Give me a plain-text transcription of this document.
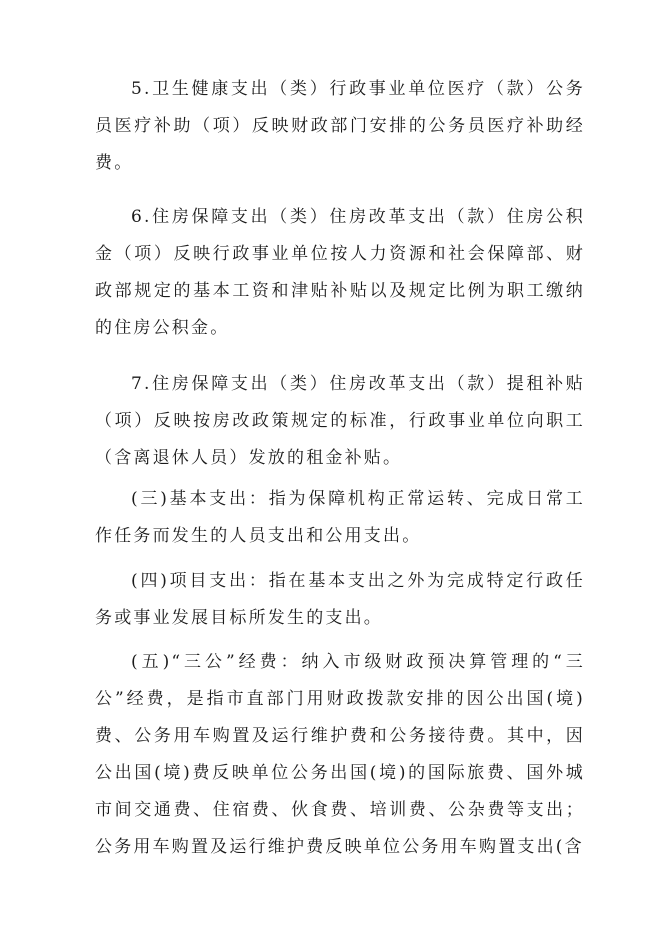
5.卫生健康支出（类）行政事业单位医疗（款）公务员医疗补助（项）反映财政部门安排的公务员医疗补助经费。

6.住房保障支出（类）住房改革支出（款）住房公积金（项）反映行政事业单位按人力资源和社会保障部、财政部规定的基本工资和津贴补贴以及规定比例为职工缴纳的住房公积金。

7.住房保障支出（类）住房改革支出（款）提租补贴（项）反映按房改政策规定的标准，行政事业单位向职工（含离退休人员）发放的租金补贴。

(三)基本支出：指为保障机构正常运转、完成日常工作任务而发生的人员支出和公用支出。

(四)项目支出：指在基本支出之外为完成特定行政任务或事业发展目标所发生的支出。

(五)“三公”经费：纳入市级财政预决算管理的“三公”经费，是指市直部门用财政拨款安排的因公出国(境)费、公务用车购置及运行维护费和公务接待费。其中，因公出国(境)费反映单位公务出国(境)的国际旅费、国外城市间交通费、住宿费、伙食费、培训费、公杂费等支出；公务用车购置及运行维护费反映单位公务用车购置支出(含
